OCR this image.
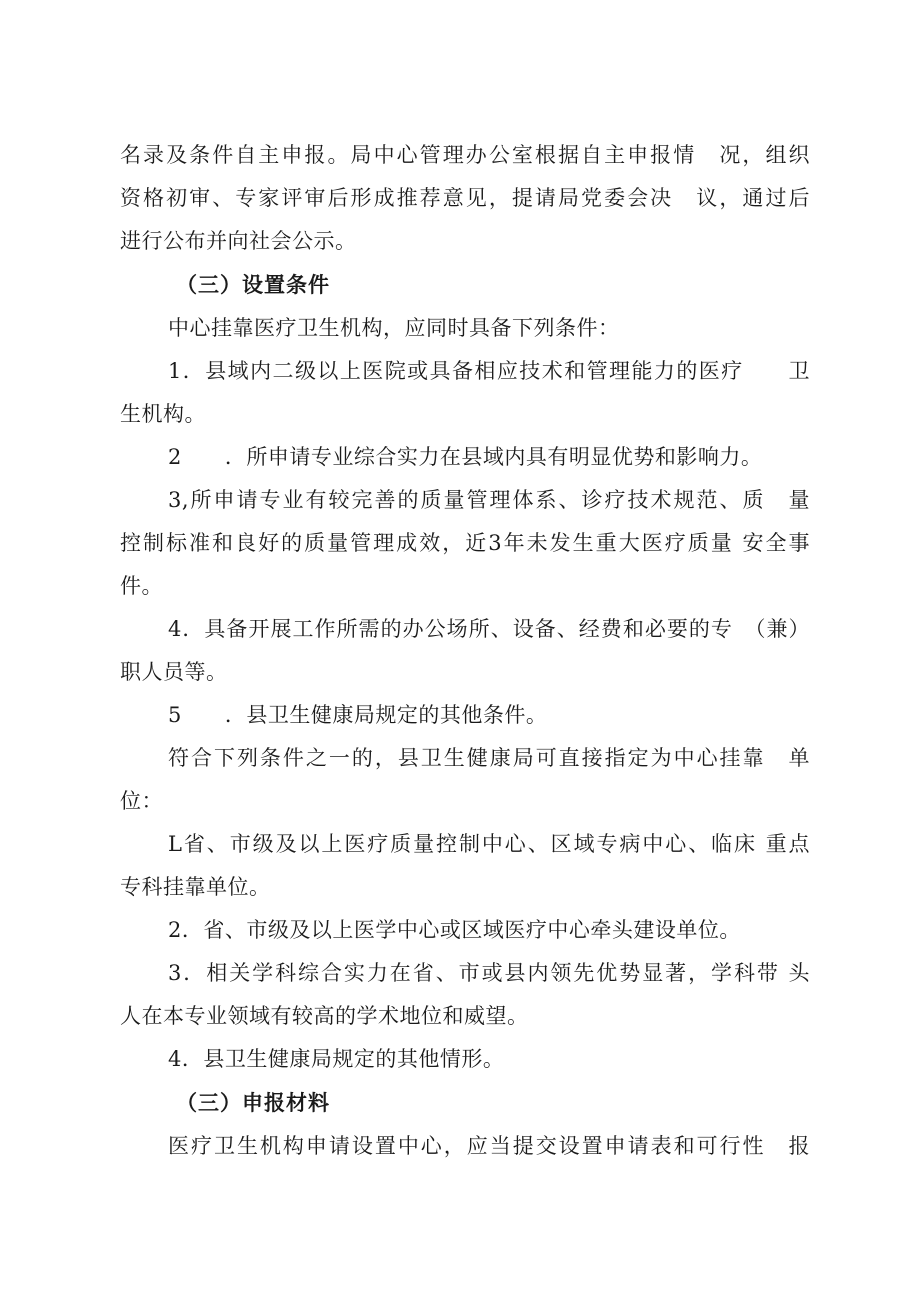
名录及条件自主申报。局中心管理办公室根据自主申报情　况，组织
资格初审、专家评审后形成推荐意见，提请局党委会决　议，通过后
进行公布并向社会公示。
（三）设置条件
中心挂靠医疗卫生机构，应同时具备下列条件：
1．县域内二级以上医院或具备相应技术和管理能力的医疗　　卫
生机构。
2　　．所申请专业综合实力在县域内具有明显优势和影响力。
3,所申请专业有较完善的质量管理体系、诊疗技术规范、质　量
控制标准和良好的质量管理成效，近3年未发生重大医疗质量 安全事
件。
4．具备开展工作所需的办公场所、设备、经费和必要的专　（兼）
职人员等。
5　　．县卫生健康局规定的其他条件。
符合下列条件之一的，县卫生健康局可直接指定为中心挂靠　单
位：
L省、市级及以上医疗质量控制中心、区域专病中心、临床 重点
专科挂靠单位。
2．省、市级及以上医学中心或区域医疗中心牵头建设单位。
3．相关学科综合实力在省、市或县内领先优势显著，学科带 头
人在本专业领域有较高的学术地位和威望。
4．县卫生健康局规定的其他情形。
（三）申报材料
医疗卫生机构申请设置中心，应当提交设置申请表和可行性　报
